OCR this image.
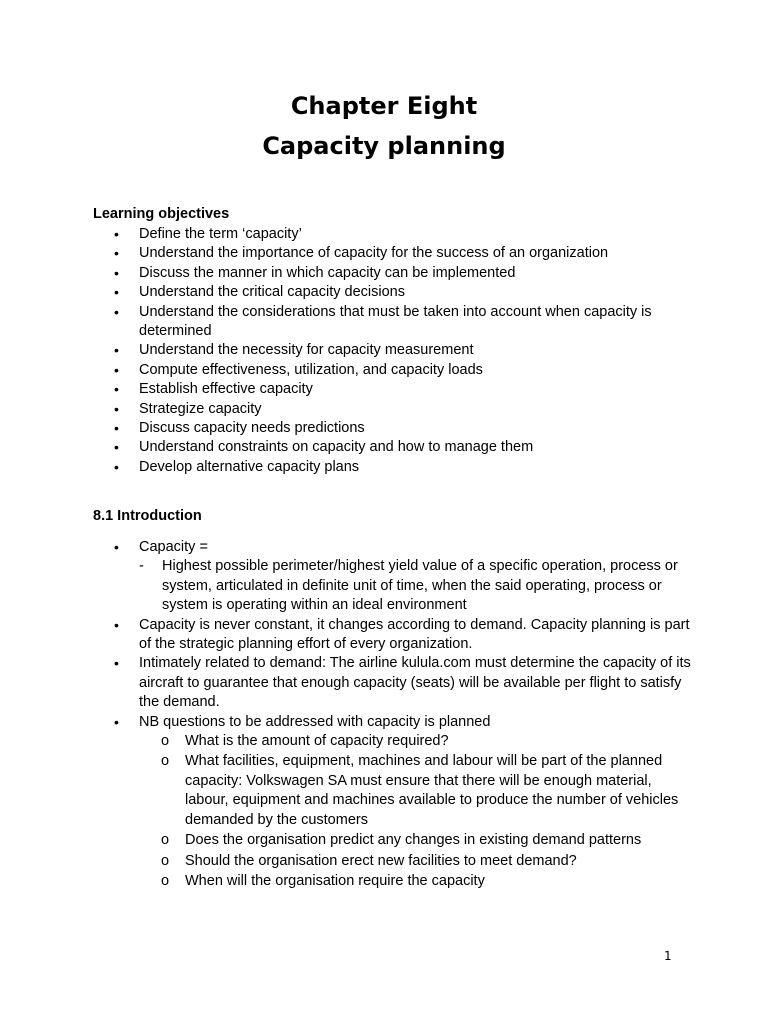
Chapter Eight
Capacity planning
Learning objectives
• Define the term ‘capacity’
• Understand the importance of capacity for the success of an organization
• Discuss the manner in which capacity can be implemented
• Understand the critical capacity decisions
• Understand the considerations that must be taken into account when capacity is determined
• Understand the necessity for capacity measurement
• Compute effectiveness, utilization, and capacity loads
• Establish effective capacity
• Strategize capacity
• Discuss capacity needs predictions
• Understand constraints on capacity and how to manage them
• Develop alternative capacity plans
8.1 Introduction
• Capacity =
- Highest possible perimeter/highest yield value of a specific operation, process or system, articulated in definite unit of time, when the said operating, process or system is operating within an ideal environment
• Capacity is never constant, it changes according to demand. Capacity planning is part of the strategic planning effort of every organization.
• Intimately related to demand: The airline kulula.com must determine the capacity of its aircraft to guarantee that enough capacity (seats) will be available per flight to satisfy the demand.
• NB questions to be addressed with capacity is planned
o What is the amount of capacity required?
o What facilities, equipment, machines and labour will be part of the planned capacity: Volkswagen SA must ensure that there will be enough material, labour, equipment and machines available to produce the number of vehicles demanded by the customers
o Does the organisation predict any changes in existing demand patterns
o Should the organisation erect new facilities to meet demand?
o When will the organisation require the capacity
1
